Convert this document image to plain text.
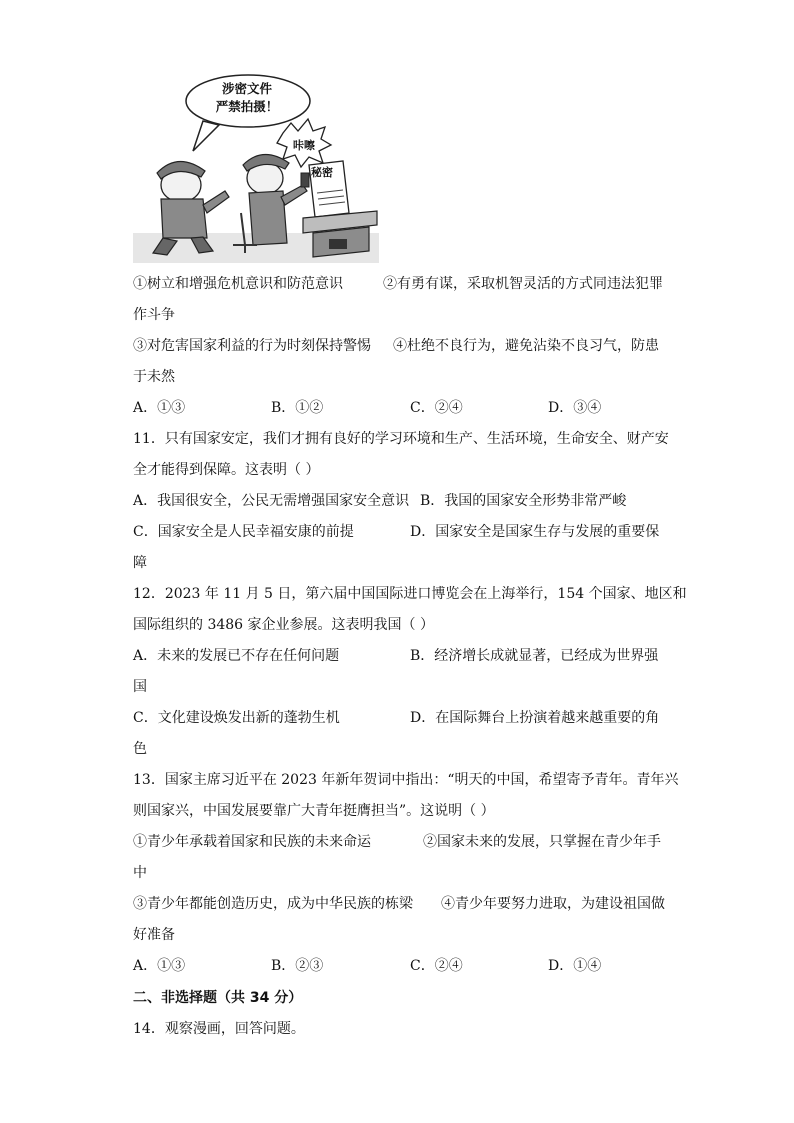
涉密文件
严禁拍摄！
咔嚓
秘密
①树立和增强危机意识和防范意识	②有勇有谋，采取机智灵活的方式同违法犯罪
作斗争
③对危害国家利益的行为时刻保持警惕 ④杜绝不良行为，避免沾染不良习气，防患
于未然
A．①③	B．①②	C．②④	D．③④
11．只有国家安定，我们才拥有良好的学习环境和生产、生活环境，生命安全、财产安
全才能得到保障。这表明（ ）
A．我国很安全，公民无需增强国家安全意识 B．我国的国家安全形势非常严峻
C．国家安全是人民幸福安康的前提	D．国家安全是国家生存与发展的重要保
障
12．2023 年 11 月 5 日，第六届中国国际进口博览会在上海举行，154 个国家、地区和
国际组织的 3486 家企业参展。这表明我国（ ）
A．未来的发展已不存在任何问题	B．经济增长成就显著，已经成为世界强
国
C．文化建设焕发出新的蓬勃生机	D．在国际舞台上扮演着越来越重要的角
色
13．国家主席习近平在 2023 年新年贺词中指出：“明天的中国，希望寄予青年。青年兴
则国家兴，中国发展要靠广大青年挺膺担当”。这说明（ ）
①青少年承载着国家和民族的未来命运	②国家未来的发展，只掌握在青少年手
中
③青少年都能创造历史，成为中华民族的栋梁 ④青少年要努力进取，为建设祖国做
好准备
A．①③	B．②③	C．②④	D．①④
二、非选择题（共 34 分）
14．观察漫画，回答问题。
